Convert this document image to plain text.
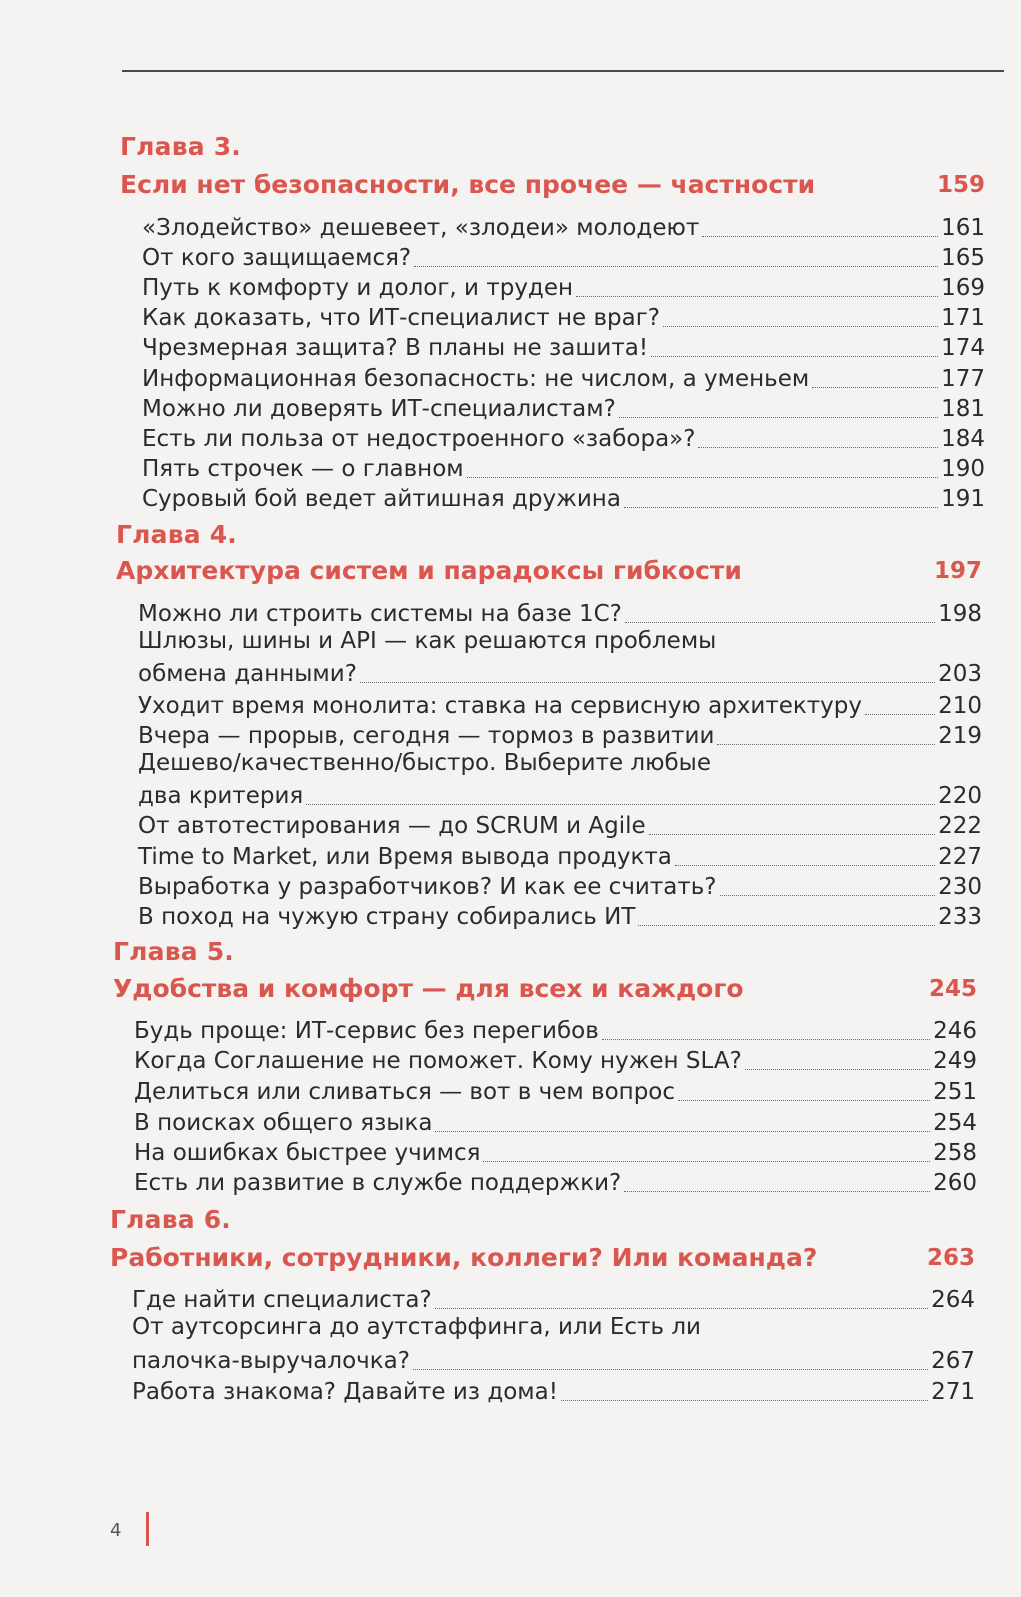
Глава 3.
Если нет безопасности, все прочее — частности	159
«Злодейство» дешевеет, «злодеи» молодеют	161
От кого защищаемся?	165
Путь к комфорту и долог, и труден	169
Как доказать, что ИТ-специалист не враг?	171
Чрезмерная защита? В планы не зашита!	174
Информационная безопасность: не числом, а уменьем	177
Можно ли доверять ИТ-специалистам?	181
Есть ли польза от недостроенного «забора»?	184
Пять строчек — о главном	190
Суровый бой ведет айтишная дружина	191
Глава 4.
Архитектура систем и парадоксы гибкости	197
Можно ли строить системы на базе 1С?	198
Шлюзы, шины и API — как решаются проблемы
обмена данными?	203
Уходит время монолита: ставка на сервисную архитектуру	210
Вчера — прорыв, сегодня — тормоз в развитии	219
Дешево/качественно/быстро. Выберите любые
два критерия	220
От автотестирования — до SCRUM и Agile	222
Time to Market, или Время вывода продукта	227
Выработка у разработчиков? И как ее считать?	230
В поход на чужую страну собирались ИТ	233
Глава 5.
Удобства и комфорт — для всех и каждого	245
Будь проще: ИТ-сервис без перегибов	246
Когда Соглашение не поможет. Кому нужен SLA?	249
Делиться или сливаться — вот в чем вопрос	251
В поисках общего языка	254
На ошибках быстрее учимся	258
Есть ли развитие в службе поддержки?	260
Глава 6.
Работники, сотрудники, коллеги? Или команда?	263
Где найти специалиста?	264
От аутсорсинга до аутстаффинга, или Есть ли
палочка-выручалочка?	267
Работа знакома? Давайте из дома!	271
4
